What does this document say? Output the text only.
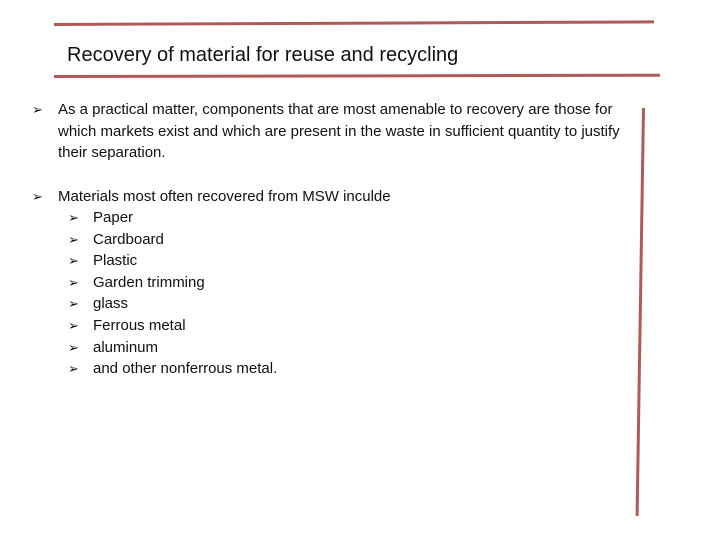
Recovery of material for reuse and recycling
➢	As a practical matter, components that are most amenable to recovery are those for which markets exist and which are present in the waste in sufficient quantity to justify their separation.
➢	Materials most often recovered from MSW inculde
➢ Paper
➢ Cardboard
➢ Plastic
➢ Garden trimming
➢ glass
➢ Ferrous metal
➢ aluminum
➢ and other nonferrous metal.
